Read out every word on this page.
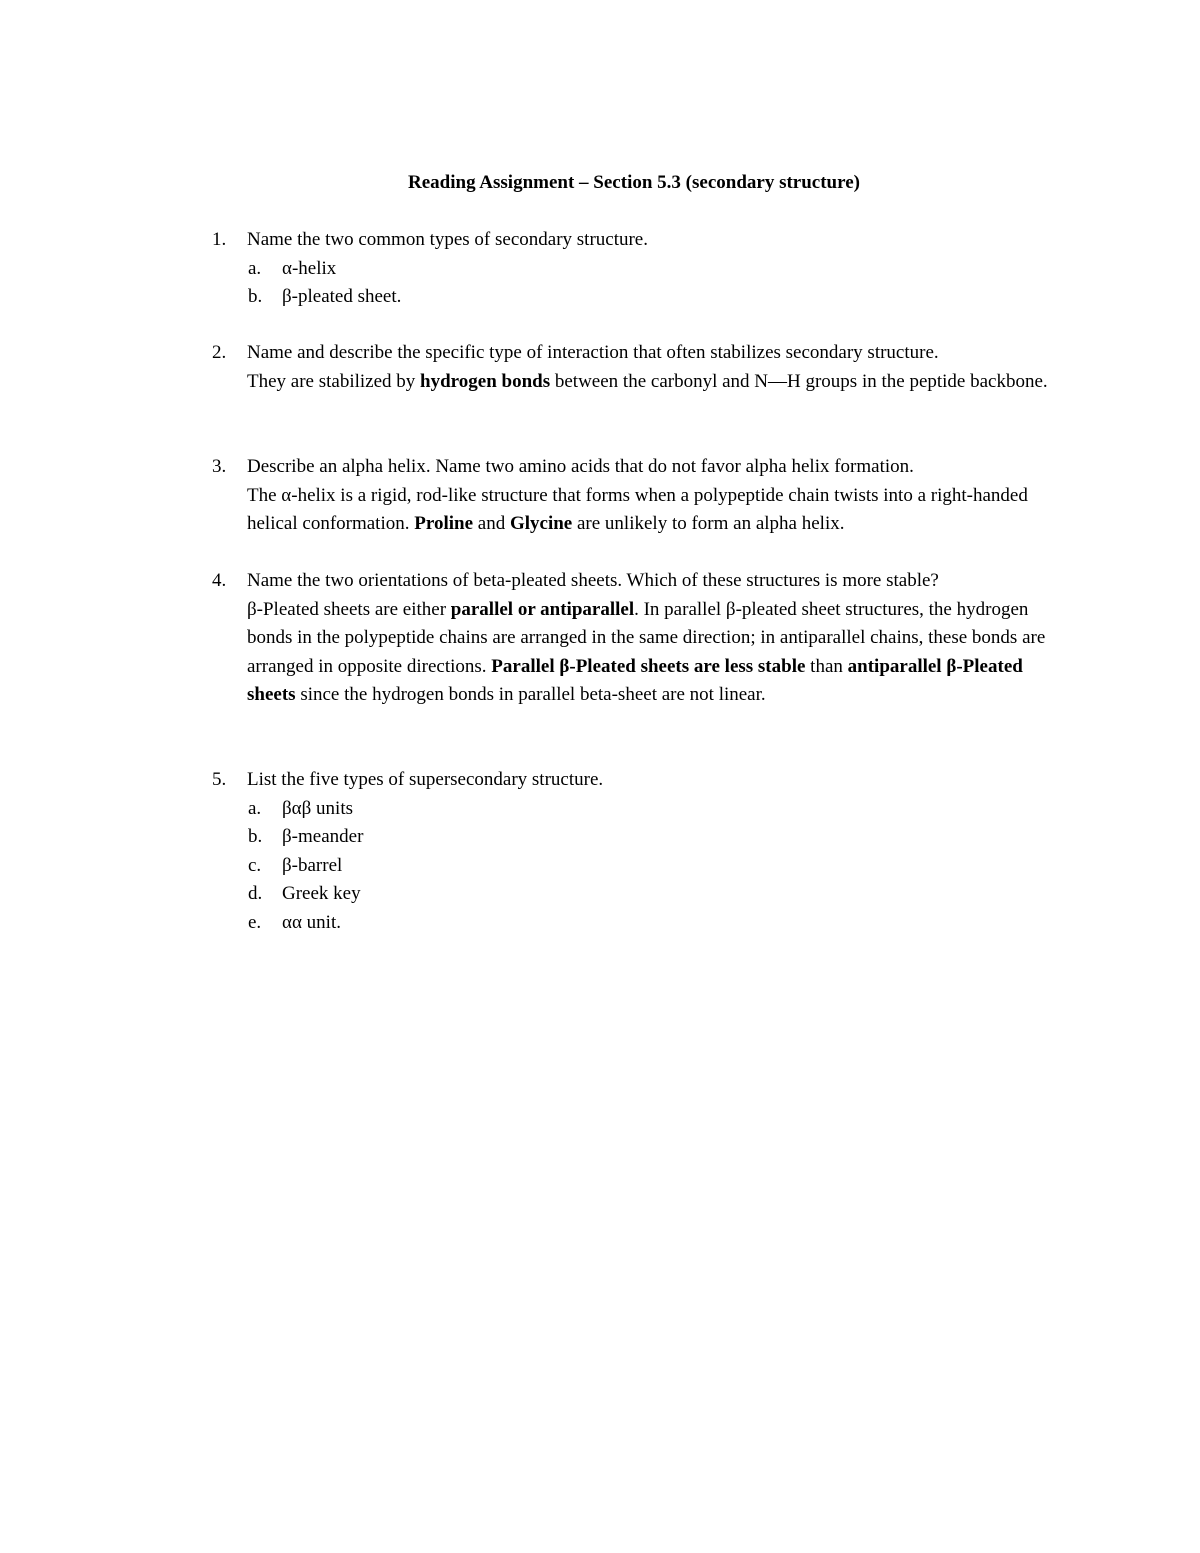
Reading Assignment – Section 5.3 (secondary structure)
1.	Name the two common types of secondary structure.
a. α-helix
b. β-pleated sheet.
2.	Name and describe the specific type of interaction that often stabilizes secondary structure.
They are stabilized by hydrogen bonds between the carbonyl and N—H groups in the peptide backbone.
3.	Describe an alpha helix. Name two amino acids that do not favor alpha helix formation.
The α-helix is a rigid, rod-like structure that forms when a polypeptide chain twists into a right-handed helical conformation. Proline and Glycine are unlikely to form an alpha helix.
4.	Name the two orientations of beta-pleated sheets. Which of these structures is more stable?
β-Pleated sheets are either parallel or antiparallel. In parallel β-pleated sheet structures, the hydrogen bonds in the polypeptide chains are arranged in the same direction; in antiparallel chains, these bonds are arranged in opposite directions. Parallel β-Pleated sheets are less stable than antiparallel β-Pleated sheets since the hydrogen bonds in parallel beta-sheet are not linear.
5.	List the five types of supersecondary structure.
a. βαβ units
b. β-meander
c. β-barrel
d. Greek key
e. αα unit.
